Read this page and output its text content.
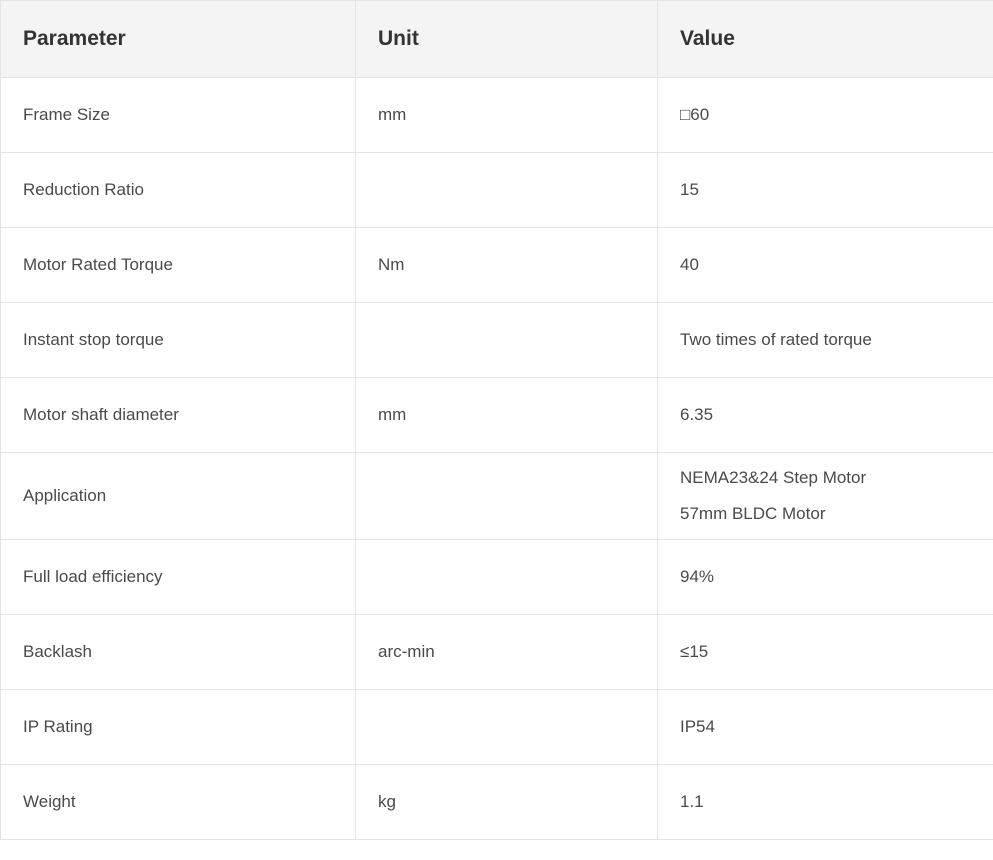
Parameter	Unit	Value
Frame Size	mm	□60
Reduction Ratio		15
Motor Rated Torque	Nm	40
Instant stop torque		Two times of rated torque
Motor shaft diameter	mm	6.35
Application		NEMA23&24 Step Motor
57mm BLDC Motor

Full load efficiency		94%
Backlash	arc-min	≤15
IP Rating		IP54
Weight	kg	1.1
